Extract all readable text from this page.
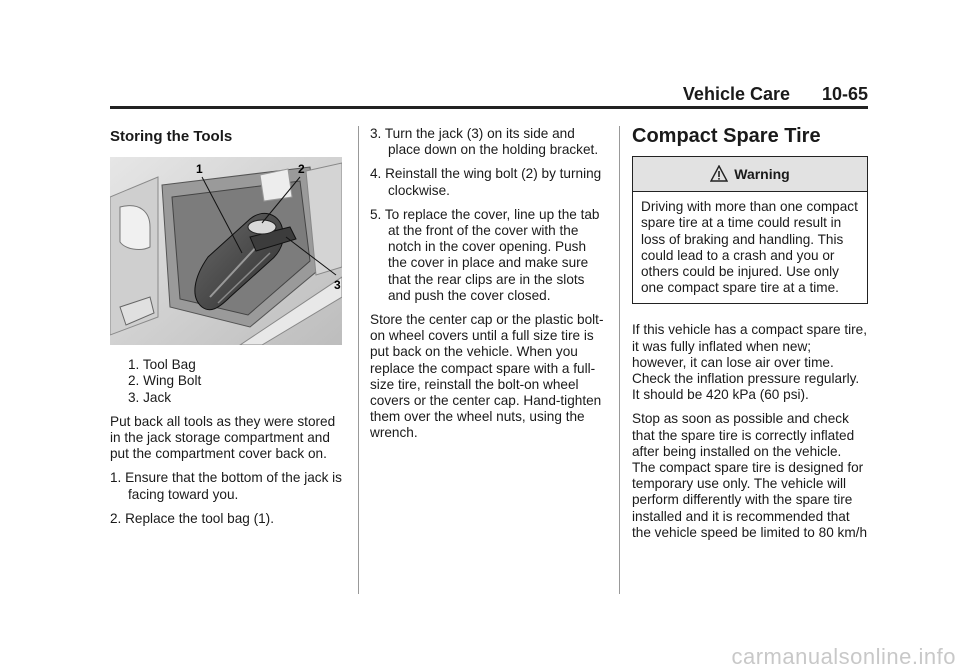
Vehicle Care 10-65
Storing the Tools
1	2
3
1. Tool Bag
2. Wing Bolt
3. Jack

Put back all tools as they were stored in the jack storage compartment and put the compartment cover back on.

1. Ensure that the bottom of the jack is facing toward you.

2. Replace the tool bag (1).

3. Turn the jack (3) on its side and place down on the holding bracket.

4. Reinstall the wing bolt (2) by turning clockwise.

5. To replace the cover, line up the tab at the front of the cover with the notch in the cover opening. Push the cover in place and make sure that the rear clips are in the slots and push the cover closed.

Store the center cap or the plastic bolt-on wheel covers until a full size tire is put back on the vehicle. When you replace the compact spare with a full-size tire, reinstall the bolt-on wheel covers or the center cap. Hand-tighten them over the wheel nuts, using the wrench.

Compact Spare Tire
Warning
Driving with more than one compact spare tire at a time could result in loss of braking and handling. This could lead to a crash and you or others could be injured. Use only one compact spare tire at a time.

If this vehicle has a compact spare tire, it was fully inflated when new; however, it can lose air over time. Check the inflation pressure regularly. It should be 420 kPa (60 psi).

Stop as soon as possible and check that the spare tire is correctly inflated after being installed on the vehicle. The compact spare tire is designed for temporary use only. The vehicle will perform differently with the spare tire installed and it is recommended that the vehicle speed be limited to 80 km/h

carmanualsonline.info
